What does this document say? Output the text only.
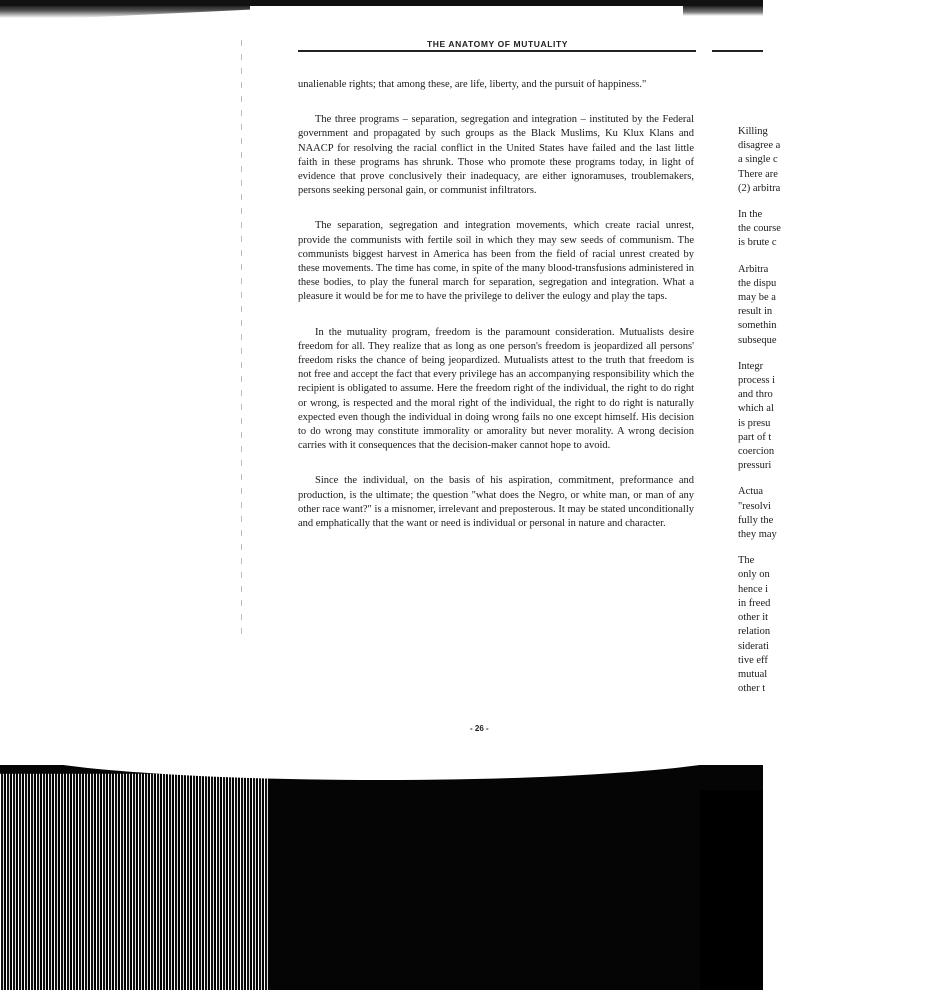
THE ANATOMY OF MUTUALITY

unalienable rights; that among these, are life, liberty, and the pursuit of happiness."

The three programs – separation, segregation and integration – instituted by the Federal government and propagated by such groups as the Black Muslims, Ku Klux Klans and NAACP for resolving the racial conflict in the United States have failed and the last little faith in these programs has shrunk. Those who promote these programs today, in light of evidence that prove conclusively their inadequacy, are either ignoramuses, troublemakers, persons seeking personal gain, or communist infiltrators.

The separation, segregation and integration movements, which create racial unrest, provide the communists with fertile soil in which they may sew seeds of communism. The communists biggest harvest in America has been from the field of racial unrest created by these movements. The time has come, in spite of the many blood-transfusions administered in these bodies, to play the funeral march for separation, segregation and integration. What a pleasure it would be for me to have the privilege to deliver the eulogy and play the taps.

In the mutuality program, freedom is the paramount consideration. Mutualists desire freedom for all. They realize that as long as one person's freedom is jeopardized all persons' freedom risks the chance of being jeopardized. Mutualists attest to the truth that freedom is not free and accept the fact that every privilege has an accompanying responsibility which the recipient is obligated to assume. Here the freedom right of the individual, the right to do right or wrong, is respected and the moral right of the individual, the right to do right is naturally expected even though the individual in doing wrong fails no one except himself. His decision to do wrong may constitute immorality or amorality but never morality. A wrong decision carries with it consequences that the decision-maker cannot hope to avoid.

Since the individual, on the basis of his aspiration, commitment, preformance and production, is the ultimate; the question "what does the Negro, or white man, or man of any other race want?" is a misnomer, irrelevant and preposterous. It may be stated unconditionally and emphatically that the want or need is individual or personal in nature and character.

Killing
disagree a
a single c
There are
(2) arbitra
In the
the course
is brute c
Arbitra
the dispu
may be a
result in
somethin
subseque
Integr
process i
and thro
which al
is presu
part of t
coercion
pressuri
Actua
"resolvi
fully the
they may
The
only on
hence i
in freed
other it
relation
siderati
tive eff
mutual
other t
- 26 -
